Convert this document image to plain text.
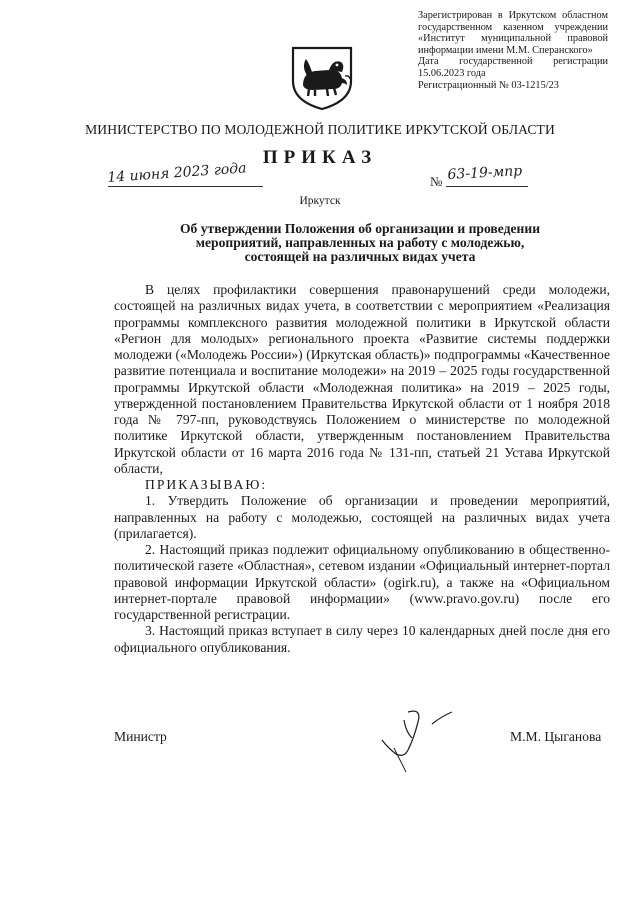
Зарегистрирован в Иркутском областном
государственном казенном учреждении
«Институт муниципальной правовой
информации имени М.М. Сперанского»
Дата государственной регистрации
15.06.2023 года
Регистрационный № 03-1215/23
МИНИСТЕРСТВО ПО МОЛОДЕЖНОЙ ПОЛИТИКЕ ИРКУТСКОЙ ОБЛАСТИ
ПРИКАЗ
14 июня 2023 года	№ 63-19-мпр
Иркутск
Об утверждении Положения об организации и проведении
мероприятий, направленных на работу с молодежью,
состоящей на различных видах учета

В целях профилактики совершения правонарушений среди молодежи, состоящей на различных видах учета, в соответствии с мероприятием «Реализация программы комплексного развития молодежной политики в Иркутской области «Регион для молодых» регионального проекта «Развитие системы поддержки молодежи («Молодежь России») (Иркутская область)» подпрограммы «Качественное развитие потенциала и воспитание молодежи» на 2019 – 2025 годы государственной программы Иркутской области «Молодежная политика» на 2019 – 2025 годы, утвержденной постановлением Правительства Иркутской области от 1 ноября 2018 года № 797-пп, руководствуясь Положением о министерстве по молодежной политике Иркутской области, утвержденным постановлением Правительства Иркутской области от 16 марта 2016 года № 131-пп, статьей 21 Устава Иркутской области,

ПРИКАЗЫВАЮ:

1. Утвердить Положение об организации и проведении мероприятий, направленных на работу с молодежью, состоящей на различных видах учета (прилагается).

2. Настоящий приказ подлежит официальному опубликованию в общественно-политической газете «Областная», сетевом издании «Официальный интернет-портал правовой информации Иркутской области» (ogirk.ru), а также на «Официальном интернет-портале правовой информации» (www.pravo.gov.ru) после его государственной регистрации.

3. Настоящий приказ вступает в силу через 10 календарных дней после дня его официального опубликования.

Министр	М.М. Цыганова
